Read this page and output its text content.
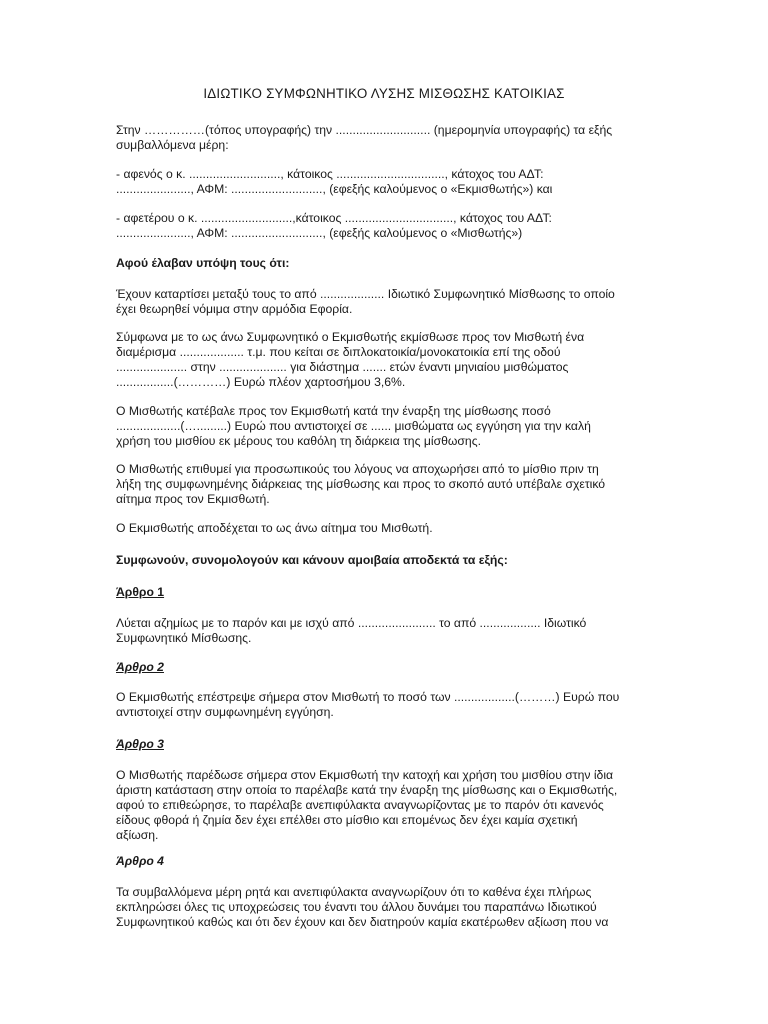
ΙΔΙΩΤΙΚΟ ΣΥΜΦΩΝΗΤΙΚΟ ΛΥΣΗΣ ΜΙΣΘΩΣΗΣ ΚΑΤΟΙΚΙΑΣ
Στην ……………(τόπος υπογραφής) την ............................ (ημερομηνία υπογραφής) τα εξής
συμβαλλόμενα μέρη:
- αφενός ο κ. ..........................., κάτοικος ................................, κάτοχος του ΑΔΤ:
......................, ΑΦΜ: ..........................., (εφεξής καλούμενος ο «Εκμισθωτής») και
- αφετέρου ο κ. ...........................,κάτοικος ................................, κάτοχος του ΑΔΤ:
......................, ΑΦΜ: ..........................., (εφεξής καλούμενος ο «Μισθωτής»)
Αφού έλαβαν υπόψη τους ότι:
Έχουν καταρτίσει μεταξύ τους το από ................... Ιδιωτικό Συμφωνητικό Μίσθωσης το οποίο
έχει θεωρηθεί νόμιμα στην αρμόδια Εφορία.
Σύμφωνα με το ως άνω Συμφωνητικό ο Εκμισθωτής εκμίσθωσε προς τον Μισθωτή ένα
διαμέρισμα ................... τ.μ. που κείται σε διπλοκατοικία/μονοκατοικία επί της οδού
..................... στην .................... για διάστημα ....... ετών έναντι μηνιαίου μισθώματος
.................(…………) Ευρώ πλέον χαρτοσήμου 3,6%.
Ο Μισθωτής κατέβαλε προς τον Εκμισθωτή κατά την έναρξη της μίσθωσης ποσό
...................(….........) Ευρώ που αντιστοιχεί σε ...... μισθώματα ως εγγύηση για την καλή
χρήση του μισθίου εκ μέρους του καθόλη τη διάρκεια της μίσθωσης.
Ο Μισθωτής επιθυμεί για προσωπικούς του λόγους να αποχωρήσει από το μίσθιο πριν τη
λήξη της συμφωνημένης διάρκειας της μίσθωσης και προς το σκοπό αυτό υπέβαλε σχετικό
αίτημα προς τον Εκμισθωτή.
Ο Εκμισθωτής αποδέχεται το ως άνω αίτημα του Μισθωτή.
Συμφωνούν, συνομολογούν και κάνουν αμοιβαία αποδεκτά τα εξής:
Άρθρο 1
Λύεται αζημίως με το παρόν και με ισχύ από ....................... το από .................. Ιδιωτικό
Συμφωνητικό Μίσθωσης.
Άρθρο 2
Ο Εκμισθωτής επέστρεψε σήμερα στον Μισθωτή το ποσό των ..................(………) Ευρώ που
αντιστοιχεί στην συμφωνημένη εγγύηση.
Άρθρο 3
Ο Μισθωτής παρέδωσε σήμερα στον Εκμισθωτή την κατοχή και χρήση του μισθίου στην ίδια
άριστη κατάσταση στην οποία το παρέλαβε κατά την έναρξη της μίσθωσης και ο Εκμισθωτής,
αφού το επιθεώρησε, το παρέλαβε ανεπιφύλακτα αναγνωρίζοντας με το παρόν ότι κανενός
είδους φθορά ή ζημία δεν έχει επέλθει στο μίσθιο και επομένως δεν έχει καμία σχετική
αξίωση.
Άρθρο 4
Τα συμβαλλόμενα μέρη ρητά και ανεπιφύλακτα αναγνωρίζουν ότι το καθένα έχει πλήρως
εκπληρώσει όλες τις υποχρεώσεις του έναντι του άλλου δυνάμει του παραπάνω Ιδιωτικού
Συμφωνητικού καθώς και ότι δεν έχουν και δεν διατηρούν καμία εκατέρωθεν αξίωση που να
